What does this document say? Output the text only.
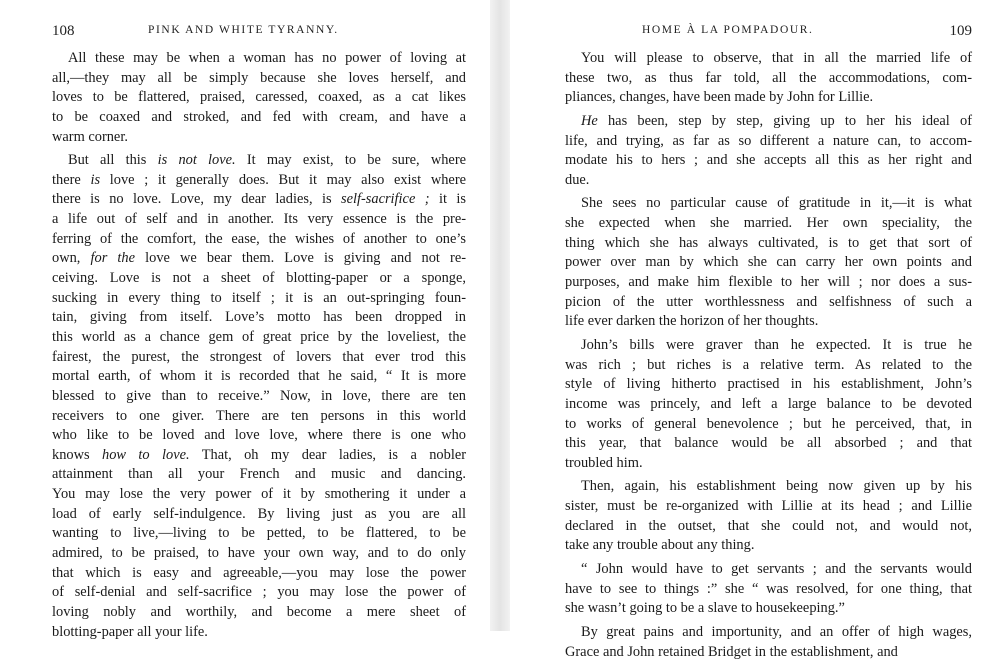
108	PINK AND WHITE TYRANNY.
All these may be when a woman has no power of loving at
all,—they may all be simply because she loves herself, and
loves to be flattered, praised, caressed, coaxed, as a cat likes
to be coaxed and stroked, and fed with cream, and have a
warm corner.
But all this is not love. It may exist, to be sure, where
there is love ; it generally does. But it may also exist where
there is no love. Love, my dear ladies, is self-sacrifice ; it is
a life out of self and in another. Its very essence is the pre-
ferring of the comfort, the ease, the wishes of another to one’s
own, for the love we bear them. Love is giving and not re-
ceiving. Love is not a sheet of blotting-paper or a sponge,
sucking in every thing to itself ; it is an out-springing foun-
tain, giving from itself. Love’s motto has been dropped in
this world as a chance gem of great price by the loveliest, the
fairest, the purest, the strongest of lovers that ever trod this
mortal earth, of whom it is recorded that he said, “ It is more
blessed to give than to receive.” Now, in love, there are ten
receivers to one giver. There are ten persons in this world
who like to be loved and love love, where there is one who
knows how to love. That, oh my dear ladies, is a nobler
attainment than all your French and music and dancing.
You may lose the very power of it by smothering it under a
load of early self-indulgence. By living just as you are all
wanting to live,—living to be petted, to be flattered, to be
admired, to be praised, to have your own way, and to do only
that which is easy and agreeable,—you may lose the power
of self-denial and self-sacrifice ; you may lose the power of
loving nobly and worthily, and become a mere sheet of
blotting-paper all your life.
HOME À LA POMPADOUR.	109
You will please to observe, that in all the married life of
these two, as thus far told, all the accommodations, com-
pliances, changes, have been made by John for Lillie.
He has been, step by step, giving up to her his ideal of
life, and trying, as far as so different a nature can, to accom-
modate his to hers ; and she accepts all this as her right and
due.
She sees no particular cause of gratitude in it,—it is what
she expected when she married. Her own speciality, the
thing which she has always cultivated, is to get that sort of
power over man by which she can carry her own points and
purposes, and make him flexible to her will ; nor does a sus-
picion of the utter worthlessness and selfishness of such a
life ever darken the horizon of her thoughts.
John’s bills were graver than he expected. It is true he
was rich ; but riches is a relative term. As related to the
style of living hitherto practised in his establishment, John’s
income was princely, and left a large balance to be devoted
to works of general benevolence ; but he perceived, that, in
this year, that balance would be all absorbed ; and that
troubled him.
Then, again, his establishment being now given up by his
sister, must be re-organized with Lillie at its head ; and Lillie
declared in the outset, that she could not, and would not,
take any trouble about any thing.
“ John would have to get servants ; and the servants would
have to see to things :” she “ was resolved, for one thing, that
she wasn’t going to be a slave to housekeeping.”
By great pains and importunity, and an offer of high wages,
Grace and John retained Bridget in the establishment, and
